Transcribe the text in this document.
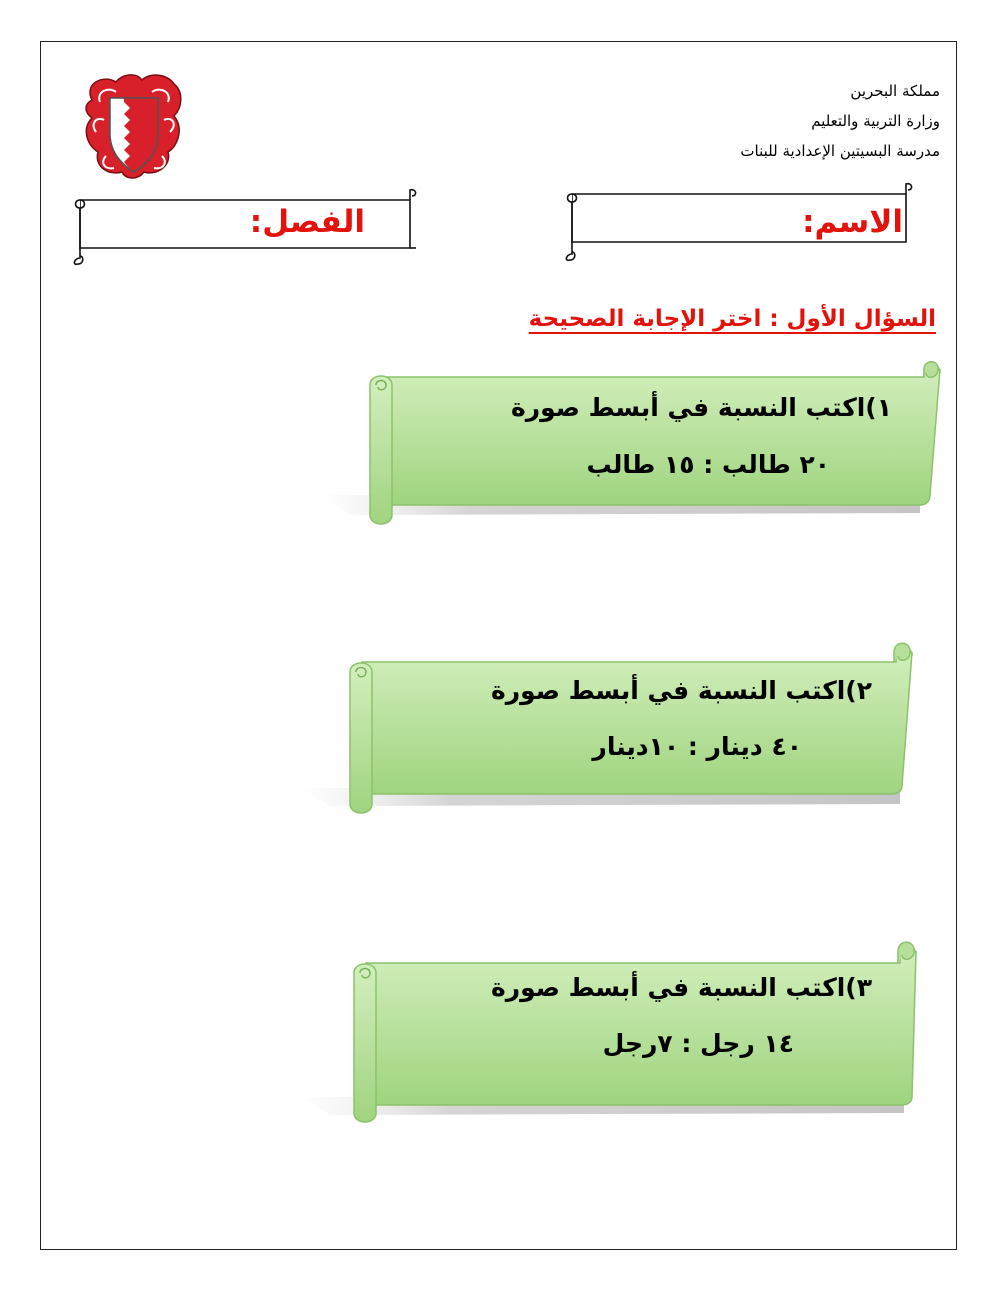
مملكة البحرين
وزارة التربية والتعليم
مدرسة البسيتين الإعدادية للبنات
الفصل:	الاسم:
السؤال الأول : اختر الإجابة الصحيحة
١)اكتب النسبة في أبسط صورة
٢٠ طالب : ١٥ طالب
٢)اكتب النسبة في أبسط صورة
٤٠ دينار : ١٠دينار
٣)اكتب النسبة في أبسط صورة
١٤ رجل : ٧رجل
